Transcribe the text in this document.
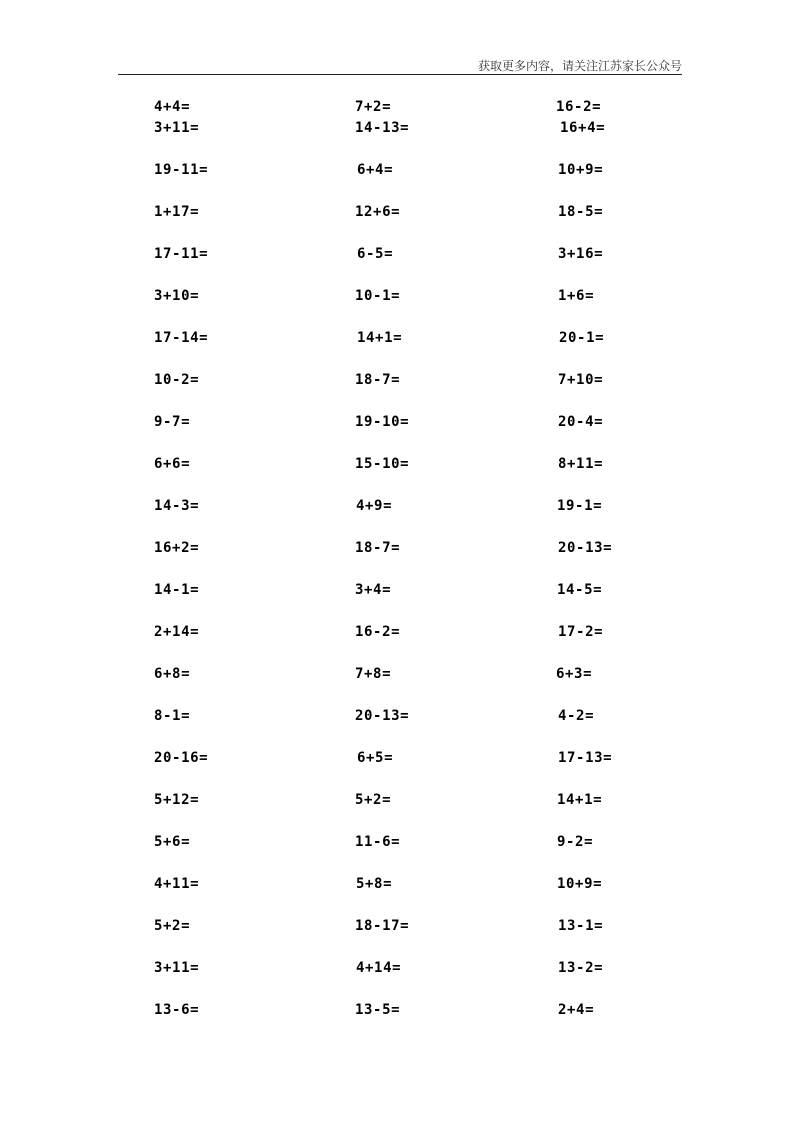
获取更多内容，请关注江苏家长公众号
4+4=
3+11=
19-11=
1+17=
17-11=
3+10=
17-14=
10-2=
9-7=
6+6=
14-3=
16+2=
14-1=
2+14=
6+8=
8-1=
20-16=
5+12=
5+6=
4+11=
5+2=
3+11=
13-6=
7+2=
14-13=
6+4=
12+6=
6-5=
10-1=
14+1=
18-7=
19-10=
15-10=
4+9=
18-7=
3+4=
16-2=
7+8=
20-13=
6+5=
5+2=
11-6=
5+8=
18-17=
4+14=
13-5=
16-2=
16+4=
10+9=
18-5=
3+16=
1+6=
20-1=
7+10=
20-4=
8+11=
19-1=
20-13=
14-5=
17-2=
6+3=
4-2=
17-13=
14+1=
9-2=
10+9=
13-1=
13-2=
2+4=
